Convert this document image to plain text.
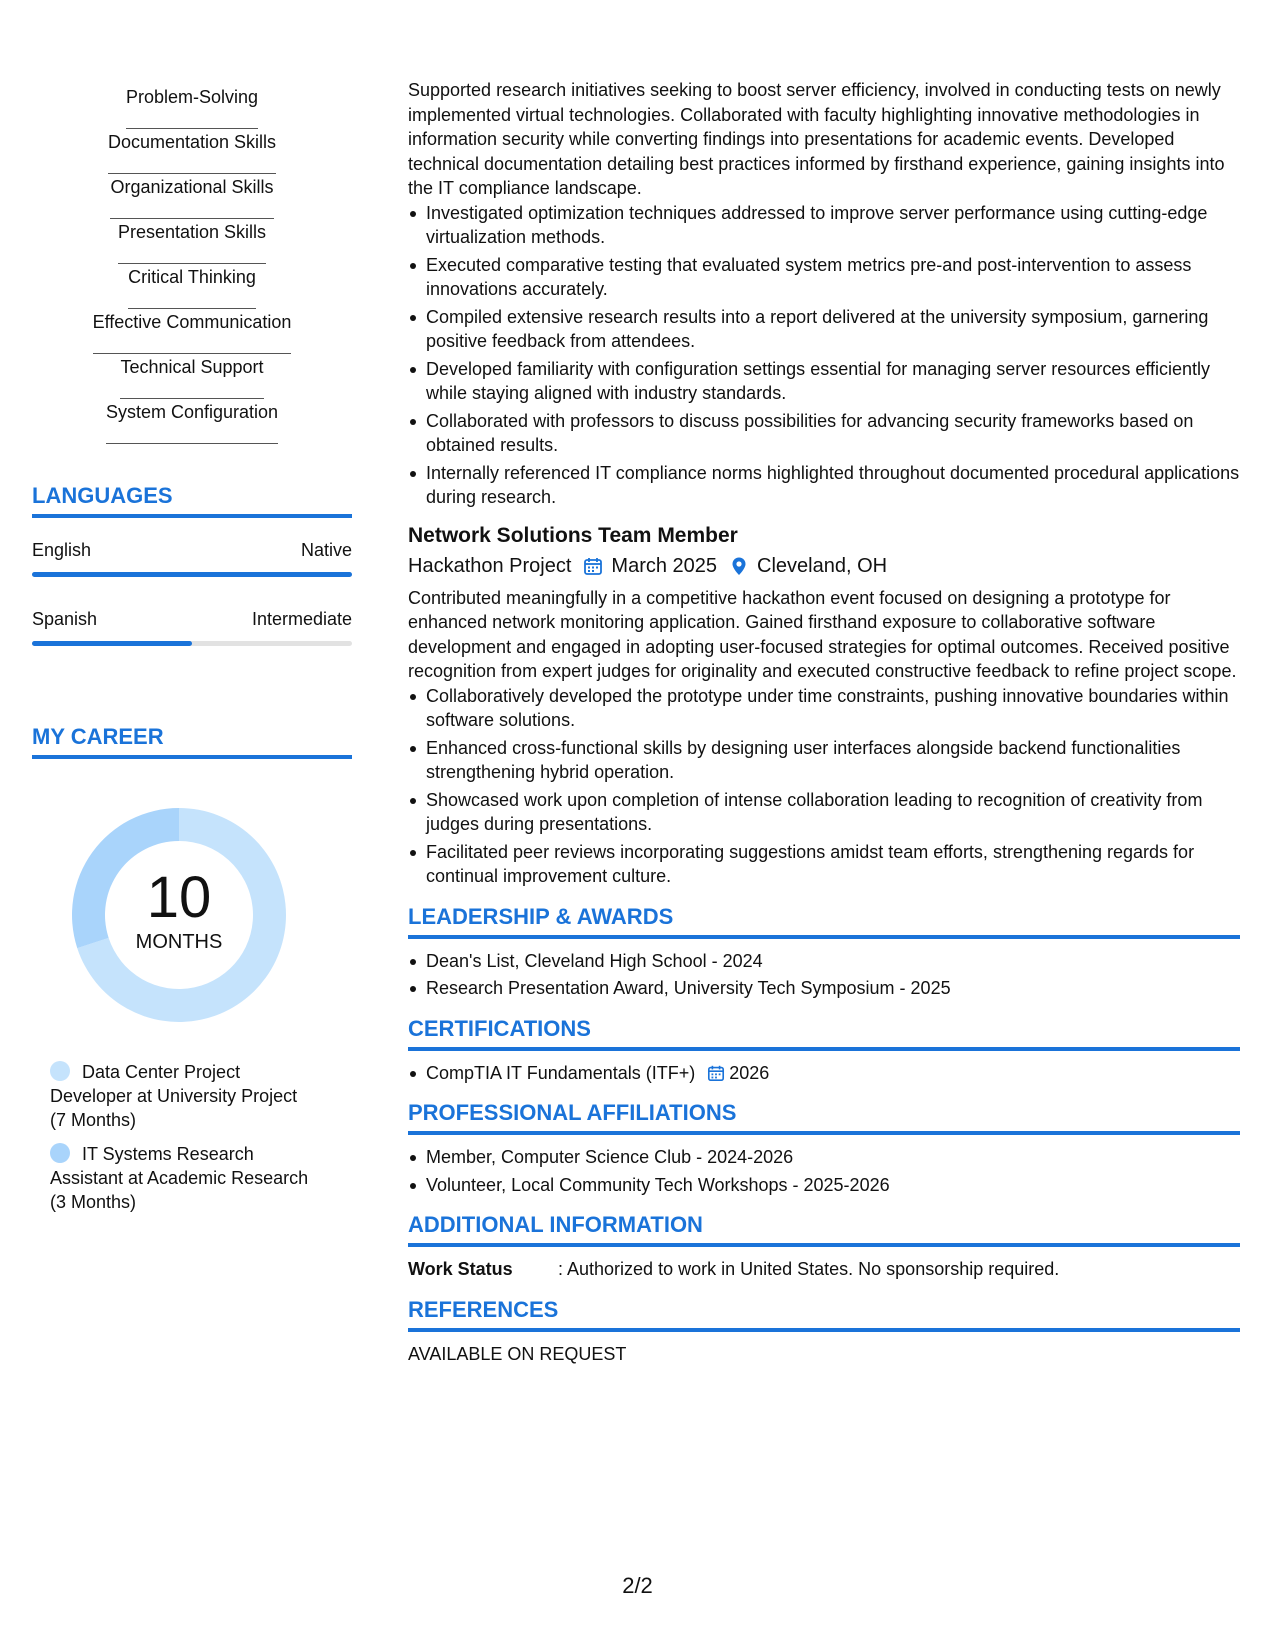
Problem-Solving
Documentation Skills
Organizational Skills
Presentation Skills
Critical Thinking
Effective Communication
Technical Support
System Configuration
LANGUAGES
English	Native
Spanish	Intermediate
MY CAREER
10
MONTHS
Data Center Project
Developer at University Project
(7 Months)
IT Systems Research
Assistant at Academic Research
(3 Months)

Supported research initiatives seeking to boost server efficiency, involved in conducting tests on newly implemented virtual technologies. Collaborated with faculty highlighting innovative methodologies in information security while converting findings into presentations for academic events. Developed technical documentation detailing best practices informed by firsthand experience, gaining insights into the IT compliance landscape.

Investigated optimization techniques addressed to improve server performance using cutting-edge virtualization methods.
Executed comparative testing that evaluated system metrics pre-and post-intervention to assess innovations accurately.
Compiled extensive research results into a report delivered at the university symposium, garnering positive feedback from attendees.
Developed familiarity with configuration settings essential for managing server resources efficiently while staying aligned with industry standards.
Collaborated with professors to discuss possibilities for advancing security frameworks based on obtained results.
Internally referenced IT compliance norms highlighted throughout documented procedural applications during research.
Network Solutions Team Member
Hackathon Project March 2025 Cleveland, OH

Contributed meaningfully in a competitive hackathon event focused on designing a prototype for enhanced network monitoring application. Gained firsthand exposure to collaborative software development and engaged in adopting user-focused strategies for optimal outcomes. Received positive recognition from expert judges for originality and executed constructive feedback to refine project scope.

Collaboratively developed the prototype under time constraints, pushing innovative boundaries within software solutions.
Enhanced cross-functional skills by designing user interfaces alongside backend functionalities strengthening hybrid operation.
Showcased work upon completion of intense collaboration leading to recognition of creativity from judges during presentations.
Facilitated peer reviews incorporating suggestions amidst team efforts, strengthening regards for continual improvement culture.
LEADERSHIP & AWARDS
Dean's List, Cleveland High School - 2024
Research Presentation Award, University Tech Symposium - 2025
CERTIFICATIONS
CompTIA IT Fundamentals (ITF+) 2026
PROFESSIONAL AFFILIATIONS
Member, Computer Science Club - 2024-2026
Volunteer, Local Community Tech Workshops - 2025-2026
ADDITIONAL INFORMATION
Work Status	: Authorized to work in United States. No sponsorship required.
REFERENCES
AVAILABLE ON REQUEST
2/2
